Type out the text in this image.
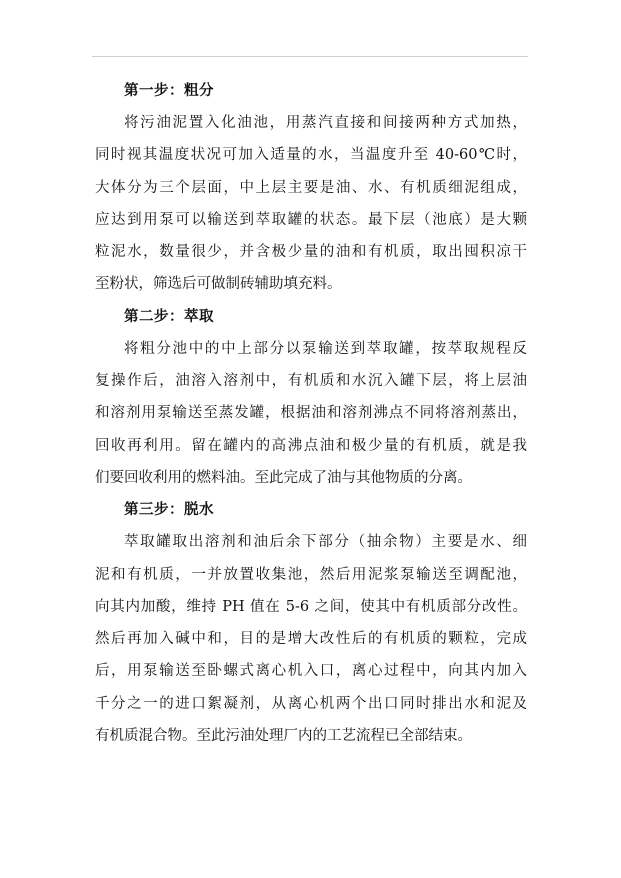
第一步：粗分
将污油泥置入化油池，用蒸汽直接和间接两种方式加热，
同时视其温度状况可加入适量的水，当温度升至 40-60℃时，
大体分为三个层面，中上层主要是油、水、有机质细泥组成，
应达到用泵可以输送到萃取罐的状态。最下层（池底）是大颗
粒泥水，数量很少，并含极少量的油和有机质，取出囤积凉干
至粉状，筛选后可做制砖辅助填充料。
第二步：萃取
将粗分池中的中上部分以泵输送到萃取罐，按萃取规程反
复操作后，油溶入溶剂中，有机质和水沉入罐下层，将上层油
和溶剂用泵输送至蒸发罐，根据油和溶剂沸点不同将溶剂蒸出，
回收再利用。留在罐内的高沸点油和极少量的有机质，就是我
们要回收利用的燃料油。至此完成了油与其他物质的分离。
第三步：脱水
萃取罐取出溶剂和油后余下部分（抽余物）主要是水、细
泥和有机质，一并放置收集池，然后用泥浆泵输送至调配池，
向其内加酸，维持 PH 值在 5-6 之间，使其中有机质部分改性。
然后再加入碱中和，目的是增大改性后的有机质的颗粒，完成
后，用泵输送至卧螺式离心机入口，离心过程中，向其内加入
千分之一的进口絮凝剂，从离心机两个出口同时排出水和泥及
有机质混合物。至此污油处理厂内的工艺流程已全部结束。
